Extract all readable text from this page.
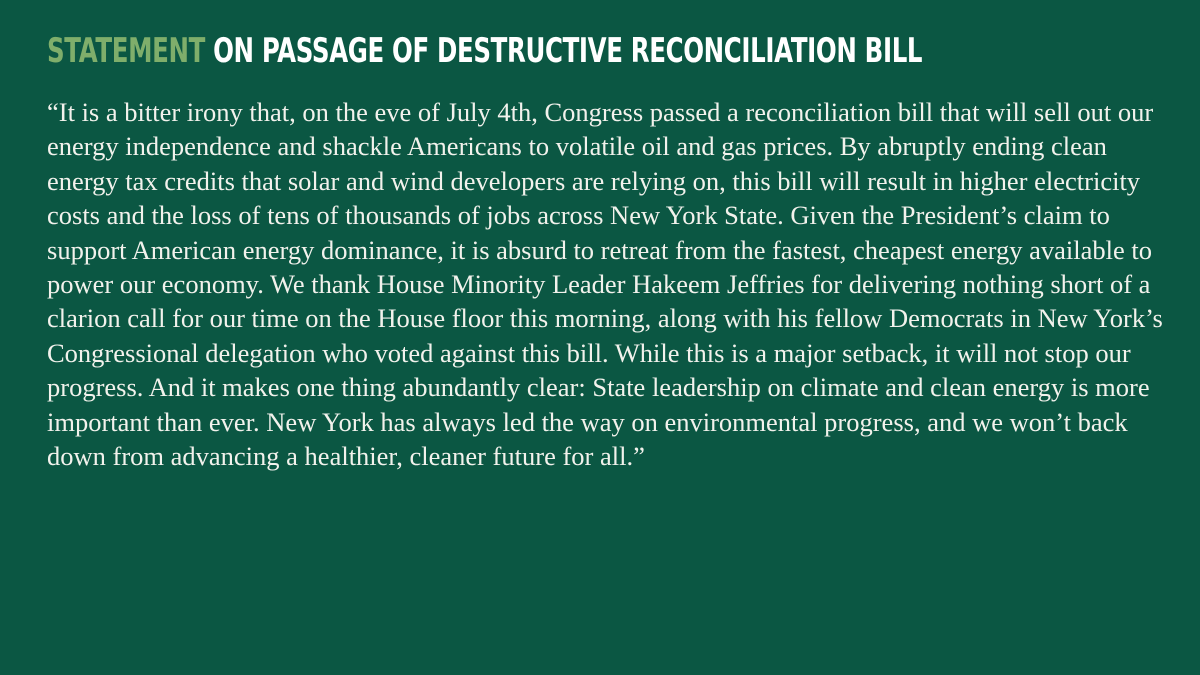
STATEMENT ON PASSAGE OF DESTRUCTIVE RECONCILIATION BILL

“It is a bitter irony that, on the eve of July 4th, Congress passed a reconciliation bill that will sell out our energy independence and shackle Americans to volatile oil and gas prices. By abruptly ending clean energy tax credits that solar and wind developers are relying on, this bill will result in higher electricity costs and the loss of tens of thousands of jobs across New York State. Given the President’s claim to support American energy dominance, it is absurd to retreat from the fastest, cheapest energy available to power our economy. We thank House Minority Leader Hakeem Jeffries for delivering nothing short of a clarion call for our time on the House floor this morning, along with his fellow Democrats in New York’s Congressional delegation who voted against this bill. While this is a major setback, it will not stop our progress. And it makes one thing abundantly clear: State leadership on climate and clean energy is more important than ever. New York has always led the way on environmental progress, and we won’t back down from advancing a healthier, cleaner future for all.”
